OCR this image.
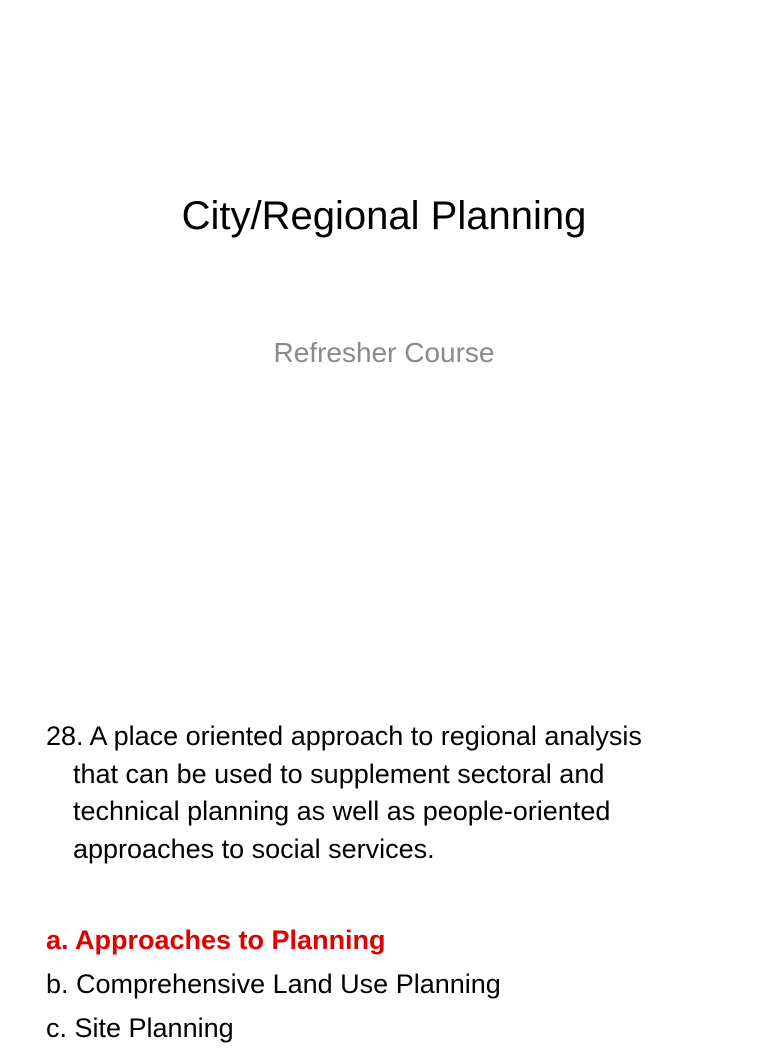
City/Regional Planning
Refresher Course
28. A place oriented approach to regional analysis
that can be used to supplement sectoral and
technical planning as well as people-oriented
approaches to social services.
a. Approaches to Planning
b. Comprehensive Land Use Planning
c. Site Planning
